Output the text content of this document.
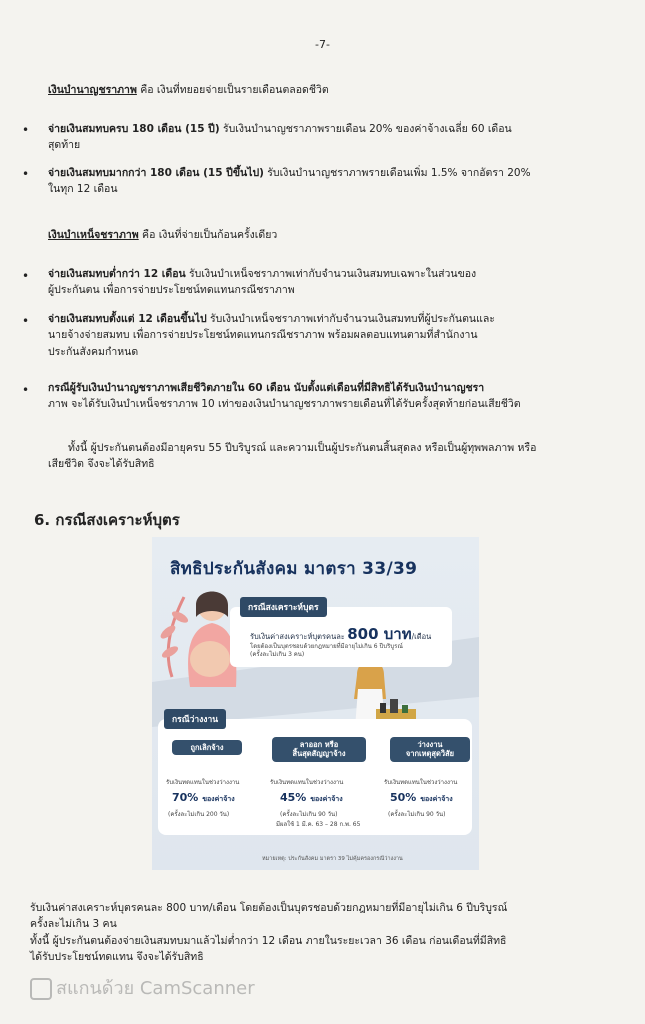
-7-
เงินบำนาญชราภาพ คือ เงินที่ทยอยจ่ายเป็นรายเดือนตลอดชีวิต
• จ่ายเงินสมทบครบ 180 เดือน (15 ปี) รับเงินบำนาญชราภาพรายเดือน 20% ของค่าจ้างเฉลี่ย 60 เดือน
สุดท้าย
• จ่ายเงินสมทบมากกว่า 180 เดือน (15 ปีขึ้นไป) รับเงินบำนาญชราภาพรายเดือนเพิ่ม 1.5% จากอัตรา 20%
ในทุก 12 เดือน
เงินบำเหน็จชราภาพ คือ เงินที่จ่ายเป็นก้อนครั้งเดียว
• จ่ายเงินสมทบต่ำกว่า 12 เดือน รับเงินบำเหน็จชราภาพเท่ากับจำนวนเงินสมทบเฉพาะในส่วนของ
ผู้ประกันตน เพื่อการจ่ายประโยชน์ทดแทนกรณีชราภาพ
• จ่ายเงินสมทบตั้งแต่ 12 เดือนขึ้นไป รับเงินบำเหน็จชราภาพเท่ากับจำนวนเงินสมทบที่ผู้ประกันตนและ
นายจ้างจ่ายสมทบ เพื่อการจ่ายประโยชน์ทดแทนกรณีชราภาพ พร้อมผลตอบแทนตามที่สำนักงาน
ประกันสังคมกำหนด
• กรณีผู้รับเงินบำนาญชราภาพเสียชีวิตภายใน 60 เดือน นับตั้งแต่เดือนที่มีสิทธิได้รับเงินบำนาญชรา
ภาพ จะได้รับเงินบำเหน็จชราภาพ 10 เท่าของเงินบำนาญชราภาพรายเดือนที่ได้รับครั้งสุดท้ายก่อนเสียชีวิต
ทั้งนี้ ผู้ประกันตนต้องมีอายุครบ 55 ปีบริบูรณ์ และความเป็นผู้ประกันตนสิ้นสุดลง หรือเป็นผู้ทุพพลภาพ หรือ
เสียชีวิต จึงจะได้รับสิทธิ
6. กรณีสงเคราะห์บุตร
สิทธิประกันสังคม มาตรา 33/39
กรณีสงเคราะห์บุตร
รับเงินค่าสงเคราะห์บุตรคนละ 800 บาท/เดือน
โดยต้องเป็นบุตรชอบด้วยกฎหมายที่มีอายุไม่เกิน 6 ปีบริบูรณ์
(ครั้งละไม่เกิน 3 คน)
กรณีว่างงาน
ถูกเลิกจ้าง
รับเงินทดแทนในช่วงว่างงาน
70% ของค่าจ้าง
(ครั้งละไม่เกิน 200 วัน)
ลาออก หรือ
สิ้นสุดสัญญาจ้าง
รับเงินทดแทนในช่วงว่างงาน
45% ของค่าจ้าง
(ครั้งละไม่เกิน 90 วัน)
มีผลใช้ 1 มี.ค. 63 – 28 ก.พ. 65
ว่างงาน
จากเหตุสุดวิสัย
รับเงินทดแทนในช่วงว่างงาน
50% ของค่าจ้าง
(ครั้งละไม่เกิน 90 วัน)
หมายเหตุ: ประกันสังคม มาตรา 39 ไม่คุ้มครองกรณีว่างงาน
รับเงินค่าสงเคราะห์บุตรคนละ 800 บาท/เดือน โดยต้องเป็นบุตรชอบด้วยกฎหมายที่มีอายุไม่เกิน 6 ปีบริบูรณ์
ครั้งละไม่เกิน 3 คน
ทั้งนี้ ผู้ประกันตนต้องจ่ายเงินสมทบมาแล้วไม่ต่ำกว่า 12 เดือน ภายในระยะเวลา 36 เดือน ก่อนเดือนที่มีสิทธิ
ได้รับประโยชน์ทดแทน จึงจะได้รับสิทธิ
สแกนด้วย CamScanner
